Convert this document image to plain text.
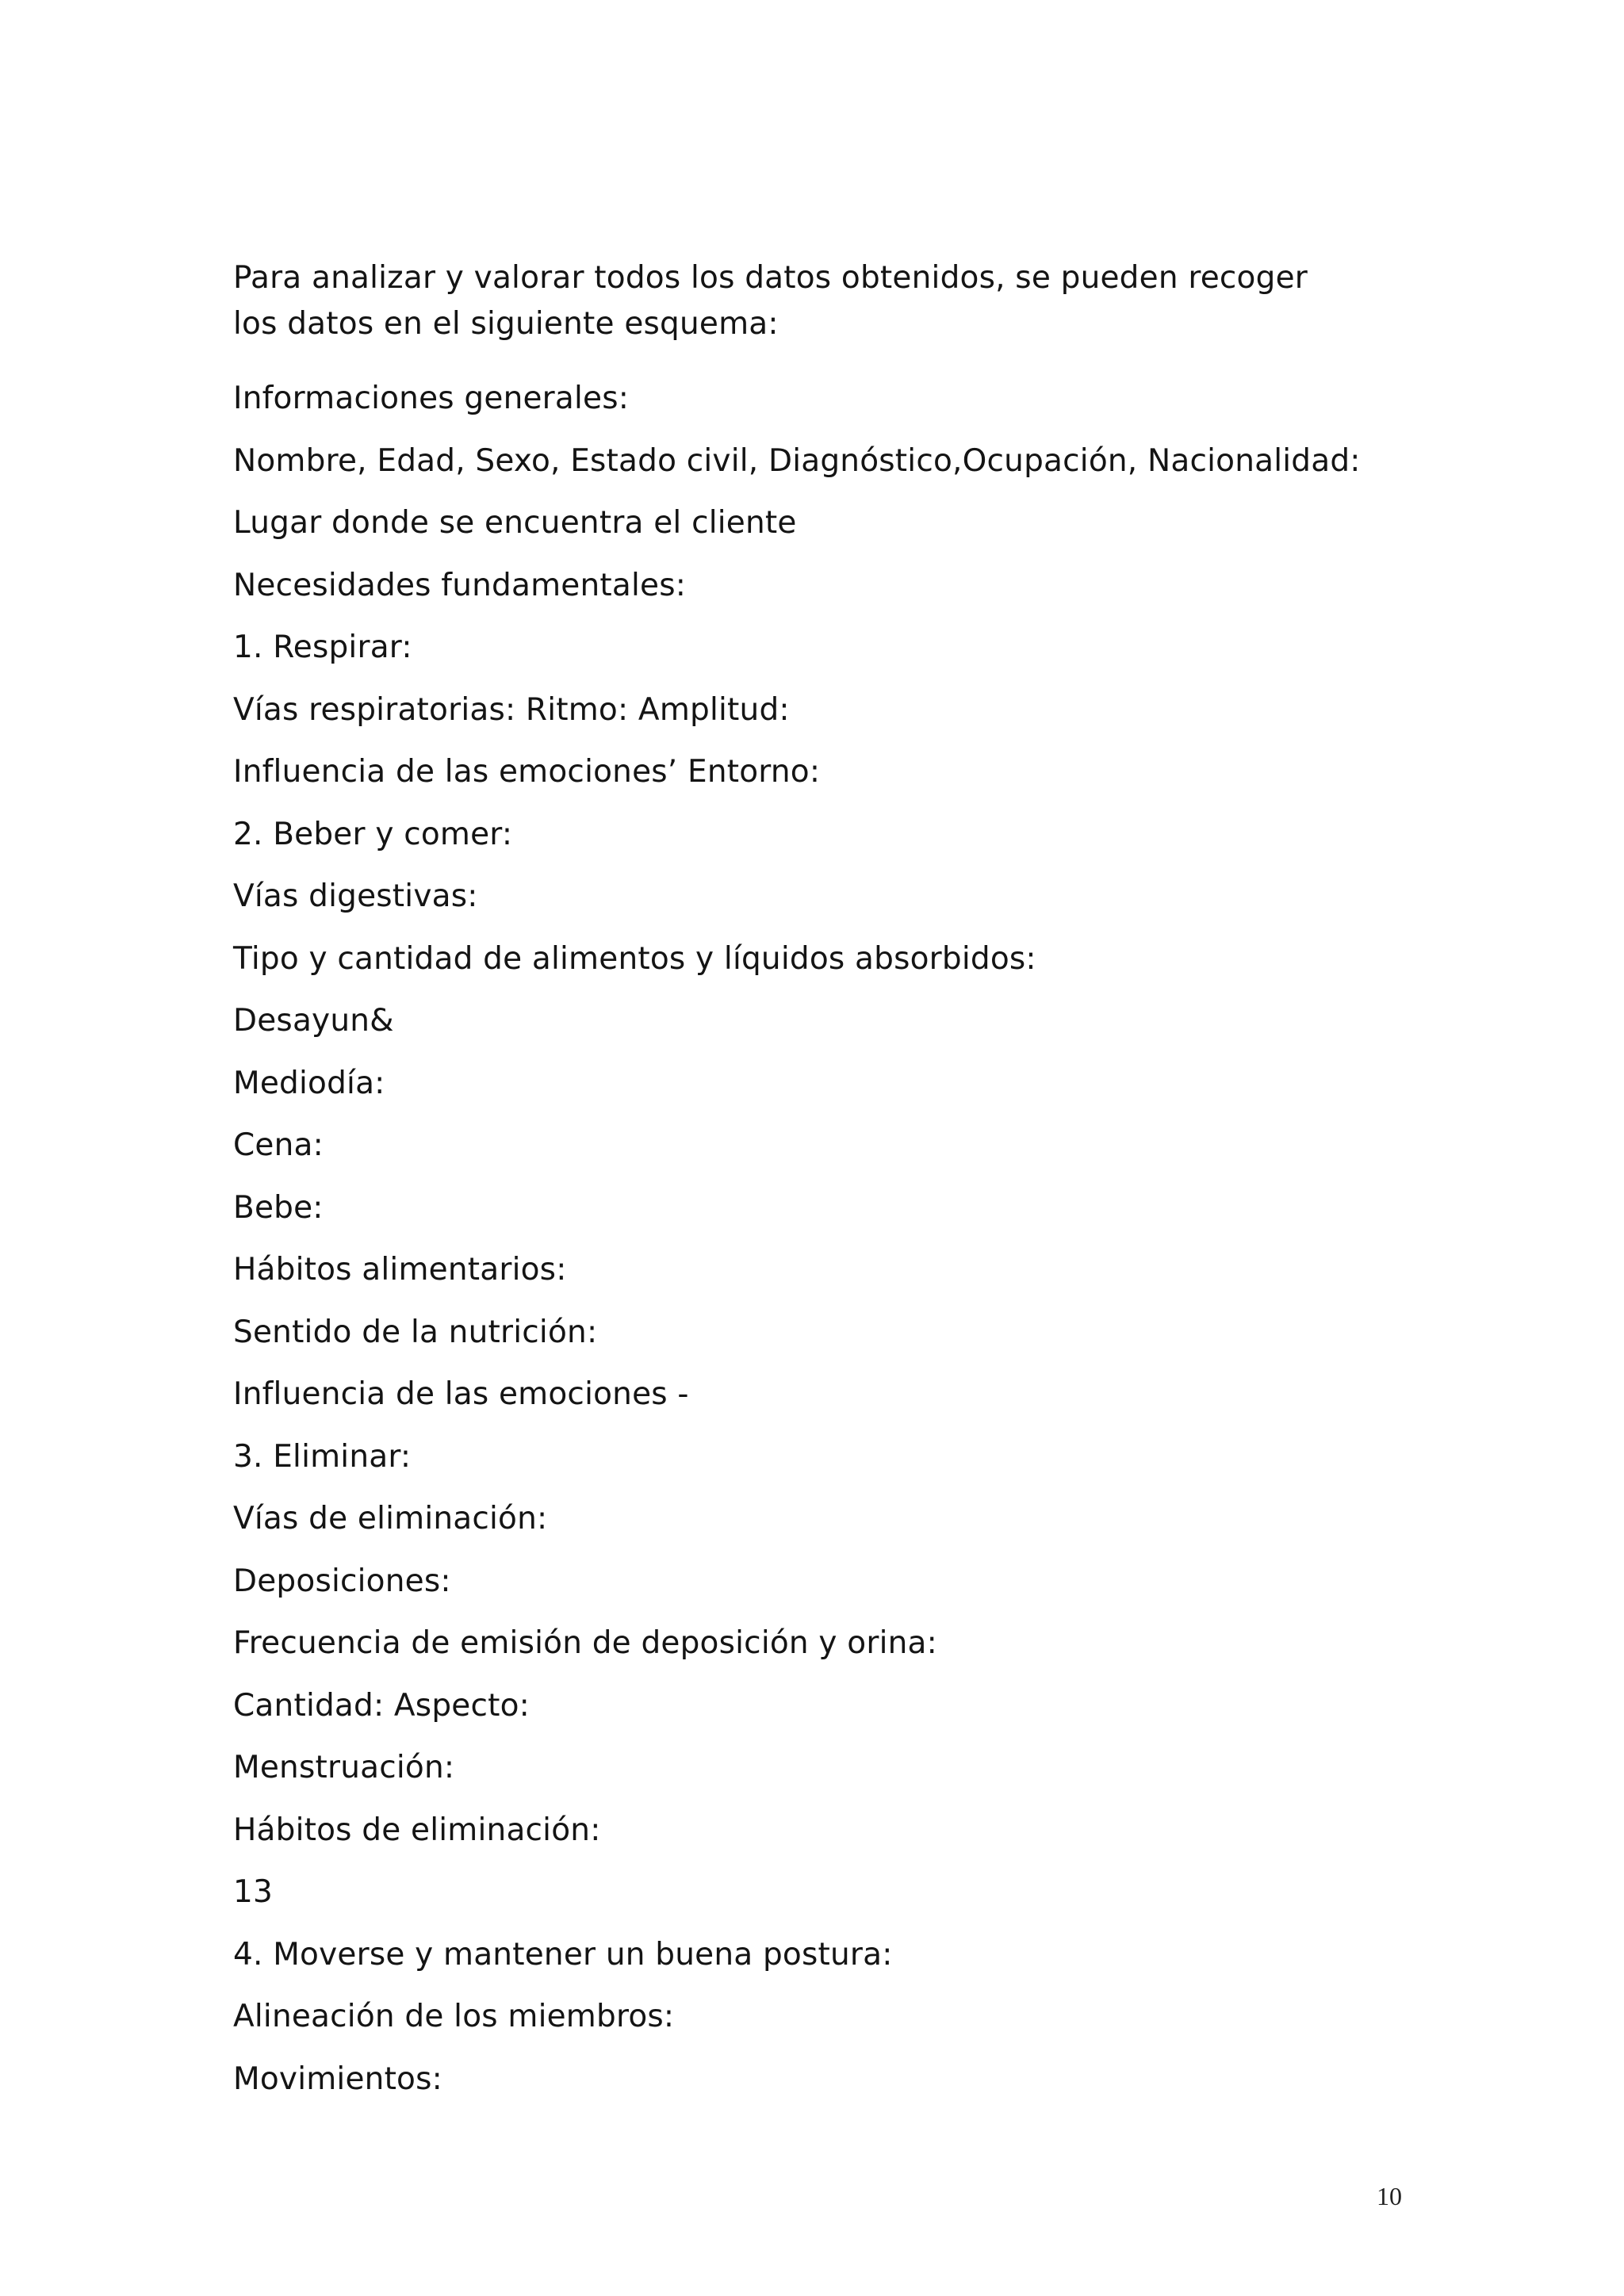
Para analizar y valorar todos los datos obtenidos, se pueden recoger los datos en el siguiente esquema:

Informaciones generales:

Nombre, Edad, Sexo, Estado civil, Diagnóstico,Ocupación, Nacionalidad:

Lugar donde se encuentra el cliente

Necesidades fundamentales:

1. Respirar:

Vías respiratorias: Ritmo: Amplitud:

Influencia de las emociones’ Entorno:

2. Beber y comer:

Vías digestivas:

Tipo y cantidad de alimentos y líquidos absorbidos:

Desayun&

Mediodía:

Cena:

Bebe:

Hábitos alimentarios:

Sentido de la nutrición:

Influencia de las emociones -

3. Eliminar:

Vías de eliminación:

Deposiciones:

Frecuencia de emisión de deposición y orina:

Cantidad: Aspecto:

Menstruación:

Hábitos de eliminación:

13

4. Moverse y mantener un buena postura:

Alineación de los miembros:

Movimientos:

10
